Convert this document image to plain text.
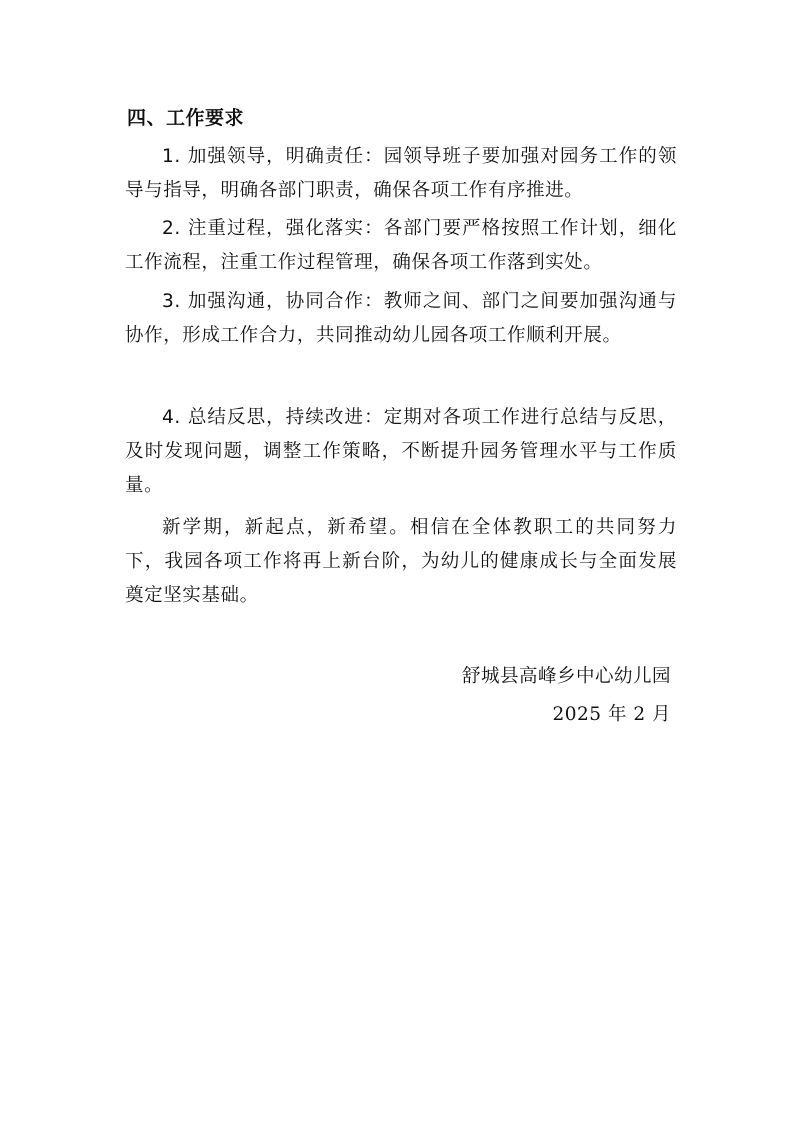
四、工作要求

1. 加强领导，明确责任：园领导班子要加强对园务工作的领导与指导，明确各部门职责，确保各项工作有序推进。

2. 注重过程，强化落实：各部门要严格按照工作计划，细化工作流程，注重工作过程管理，确保各项工作落到实处。

3. 加强沟通，协同合作：教师之间、部门之间要加强沟通与协作，形成工作合力，共同推动幼儿园各项工作顺利开展。

4. 总结反思，持续改进：定期对各项工作进行总结与反思，及时发现问题，调整工作策略，不断提升园务管理水平与工作质量。

新学期，新起点，新希望。相信在全体教职工的共同努力下，我园各项工作将再上新台阶，为幼儿的健康成长与全面发展奠定坚实基础。

舒城县高峰乡中心幼儿园
2025 年 2 月
